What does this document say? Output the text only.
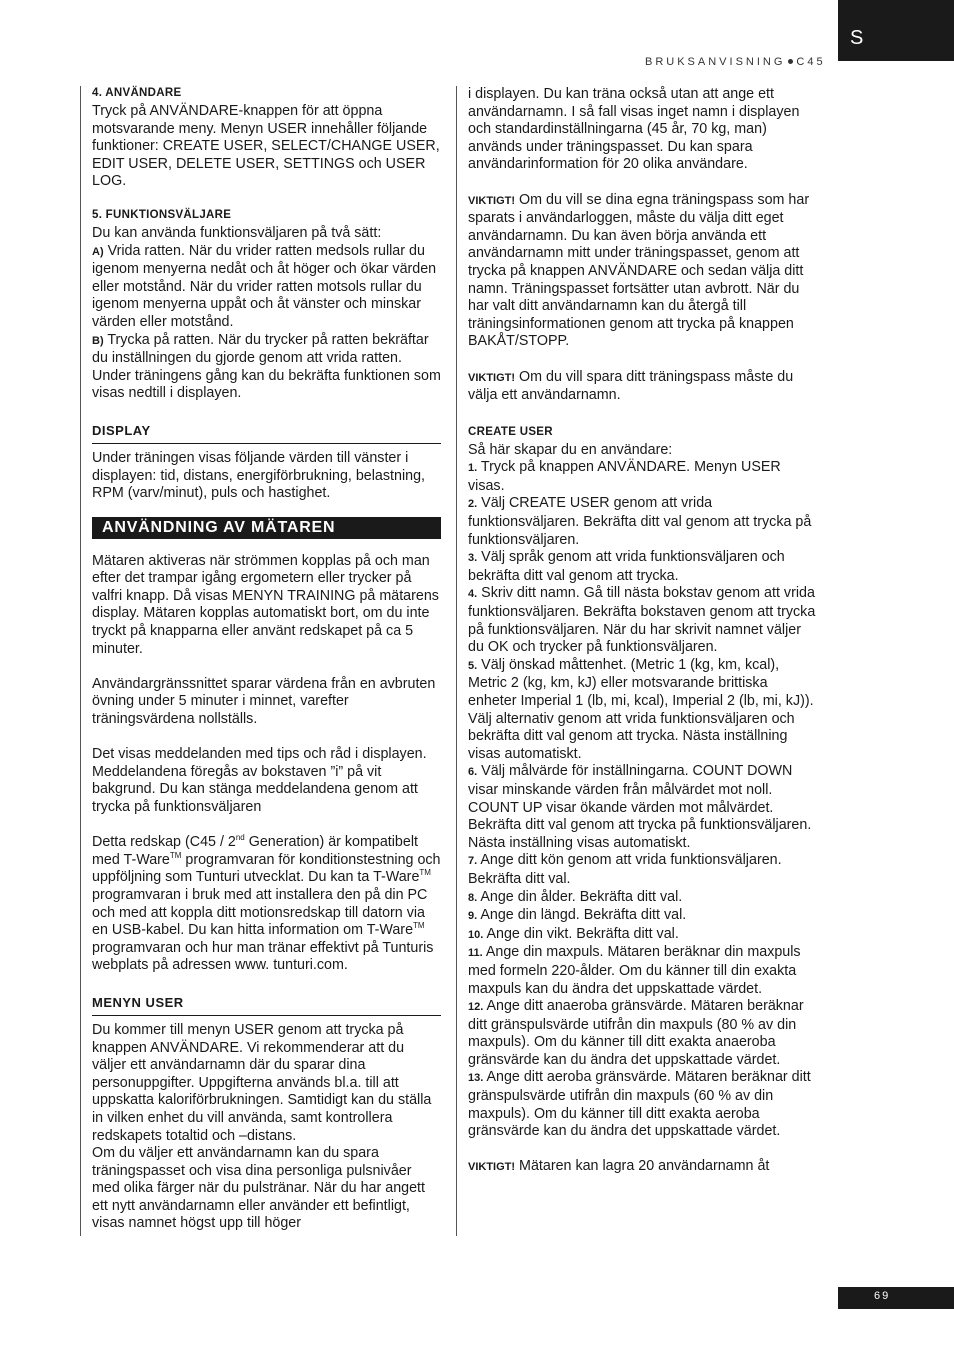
S
BRUKSANVISNING C45
4. ANVÄNDARE

Tryck på ANVÄNDARE-knappen för att öppna motsvarande meny. Menyn USER innehåller följande funktioner: CREATE USER, SELECT/CHANGE USER, EDIT USER, DELETE USER, SETTINGS och USER LOG.

5. FUNKTIONSVÄLJARE

Du kan använda funktionsväljaren på två sätt:

A) Vrida ratten. När du vrider ratten medsols rullar du igenom menyerna nedåt och åt höger och ökar värden eller motstånd. När du vrider ratten motsols rullar du igenom menyerna uppåt och åt vänster och minskar värden eller motstånd.

B) Trycka på ratten. När du trycker på ratten bekräftar du inställningen du gjorde genom att vrida ratten. Under träningens gång kan du bekräfta funktionen som visas nedtill i displayen.

DISPLAY

Under träningen visas följande värden till vänster i displayen: tid, distans, energiförbrukning, belastning, RPM (varv/minut), puls och hastighet.

ANVÄNDNING AV MÄTAREN

Mätaren aktiveras när strömmen kopplas på och man efter det trampar igång ergometern eller trycker på valfri knapp. Då visas MENYN TRAINING på mätarens display. Mätaren kopplas automatiskt bort, om du inte tryckt på knapparna eller använt redskapet på ca 5 minuter.

Användargränssnittet sparar värdena från en avbruten övning under 5 minuter i minnet, varefter träningsvärdena nollställs.

Det visas meddelanden med tips och råd i displayen. Meddelandena föregås av bokstaven ”i” på vit bakgrund. Du kan stänga meddelandena genom att trycka på funktionsväljaren

Detta redskap (C45 / 2nd Generation) är kompatibelt med T-Ware™ programvaran för konditionstestning och uppföljning som Tunturi utvecklat. Du kan ta T-Ware™ programvaran i bruk med att installera den på din PC och med att koppla ditt motionsredskap till datorn via en USB-kabel. Du kan hitta information om T-Ware™ programvaran och hur man tränar effektivt på Tunturis webplats på adressen www. tunturi.com.

MENYN USER

Du kommer till menyn USER genom att trycka på knappen ANVÄNDARE. Vi rekommenderar att du väljer ett användarnamn där du sparar dina personuppgifter. Uppgifterna används bl.a. till att uppskatta kaloriförbrukningen. Samtidigt kan du ställa in vilken enhet du vill använda, samt kontrollera redskapets totaltid och –distans.

Om du väljer ett användarnamn kan du spara träningspasset och visa dina personliga pulsnivåer med olika färger när du pulstränar. När du har angett ett nytt användarnamn eller använder ett befintligt, visas namnet högst upp till höger

i displayen. Du kan träna också utan att ange ett användarnamn. I så fall visas inget namn i displayen och standardinställningarna (45 år, 70 kg, man) används under träningspasset. Du kan spara användarinformation för 20 olika användare.

VIKTIGT! Om du vill se dina egna träningspass som har sparats i användarloggen, måste du välja ditt eget användarnamn. Du kan även börja använda ett användarnamn mitt under träningspasset, genom att trycka på knappen ANVÄNDARE och sedan välja ditt namn. Träningspasset fortsätter utan avbrott. När du har valt ditt användarnamn kan du återgå till träningsinformationen genom att trycka på knappen BAKÅT/STOPP.

VIKTIGT! Om du vill spara ditt träningspass måste du välja ett användarnamn.

CREATE USER

Så här skapar du en användare:

1. Tryck på knappen ANVÄNDARE. Menyn USER visas.

2. Välj CREATE USER genom att vrida funktionsväljaren. Bekräfta ditt val genom att trycka på funktionsväljaren.

3. Välj språk genom att vrida funktionsväljaren och bekräfta ditt val genom att trycka.

4. Skriv ditt namn. Gå till nästa bokstav genom att vrida funktionsväljaren. Bekräfta bokstaven genom att trycka på funktionsväljaren. När du har skrivit namnet väljer du OK och trycker på funktionsväljaren.

5. Välj önskad måttenhet. (Metric 1 (kg, km, kcal), Metric 2 (kg, km, kJ) eller motsvarande brittiska enheter Imperial 1 (lb, mi, kcal), Imperial 2 (lb, mi, kJ)). Välj alternativ genom att vrida funktionsväljaren och bekräfta ditt val genom att trycka. Nästa inställning visas automatiskt.

6. Välj målvärde för inställningarna. COUNT DOWN visar minskande värden från målvärdet mot noll. COUNT UP visar ökande värden mot målvärdet. Bekräfta ditt val genom att trycka på funktionsväljaren. Nästa inställning visas automatiskt.

7. Ange ditt kön genom att vrida funktionsväljaren. Bekräfta ditt val.

8. Ange din ålder. Bekräfta ditt val.

9. Ange din längd. Bekräfta ditt val.

10. Ange din vikt. Bekräfta ditt val.

11. Ange din maxpuls. Mätaren beräknar din maxpuls med formeln 220-ålder. Om du känner till din exakta maxpuls kan du ändra det uppskattade värdet.

12. Ange ditt anaeroba gränsvärde. Mätaren beräknar ditt gränspulsvärde utifrån din maxpuls (80 % av din maxpuls). Om du känner till ditt exakta anaeroba gränsvärde kan du ändra det uppskattade värdet.

13. Ange ditt aeroba gränsvärde. Mätaren beräknar ditt gränspulsvärde utifrån din maxpuls (60 % av din maxpuls). Om du känner till ditt exakta aeroba gränsvärde kan du ändra det uppskattade värdet.

VIKTIGT! Mätaren kan lagra 20 användarnamn åt

69
